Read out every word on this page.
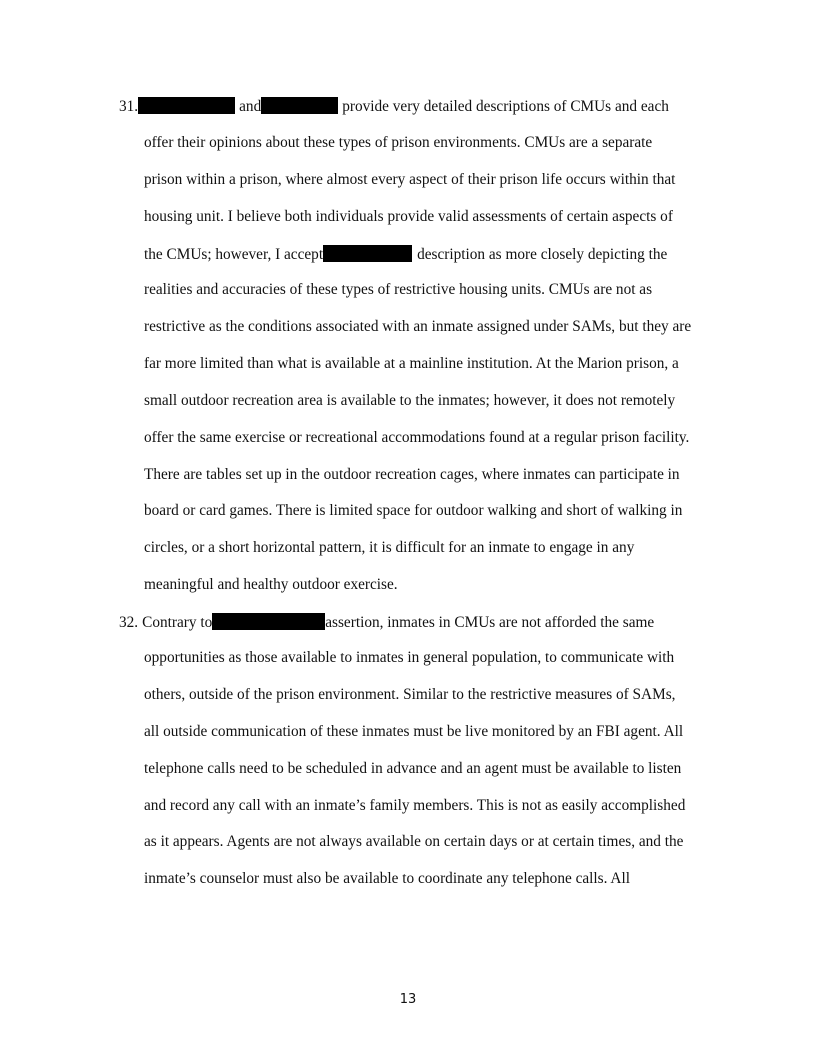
31.	and	provide very detailed descriptions of CMUs and each
offer their opinions about these types of prison environments. CMUs are a separate
prison within a prison, where almost every aspect of their prison life occurs within that
housing unit. I believe both individuals provide valid assessments of certain aspects of
the CMUs; however, I accept	description as more closely depicting the
realities and accuracies of these types of restrictive housing units. CMUs are not as
restrictive as the conditions associated with an inmate assigned under SAMs, but they are
far more limited than what is available at a mainline institution. At the Marion prison, a
small outdoor recreation area is available to the inmates; however, it does not remotely
offer the same exercise or recreational accommodations found at a regular prison facility.
There are tables set up in the outdoor recreation cages, where inmates can participate in
board or card games. There is limited space for outdoor walking and short of walking in
circles, or a short horizontal pattern, it is difficult for an inmate to engage in any
meaningful and healthy outdoor exercise.
32. Contrary to	assertion, inmates in CMUs are not afforded the same
opportunities as those available to inmates in general population, to communicate with
others, outside of the prison environment. Similar to the restrictive measures of SAMs,
all outside communication of these inmates must be live monitored by an FBI agent. All
telephone calls need to be scheduled in advance and an agent must be available to listen
and record any call with an inmate’s family members. This is not as easily accomplished
as it appears. Agents are not always available on certain days or at certain times, and the
inmate’s counselor must also be available to coordinate any telephone calls. All
13
